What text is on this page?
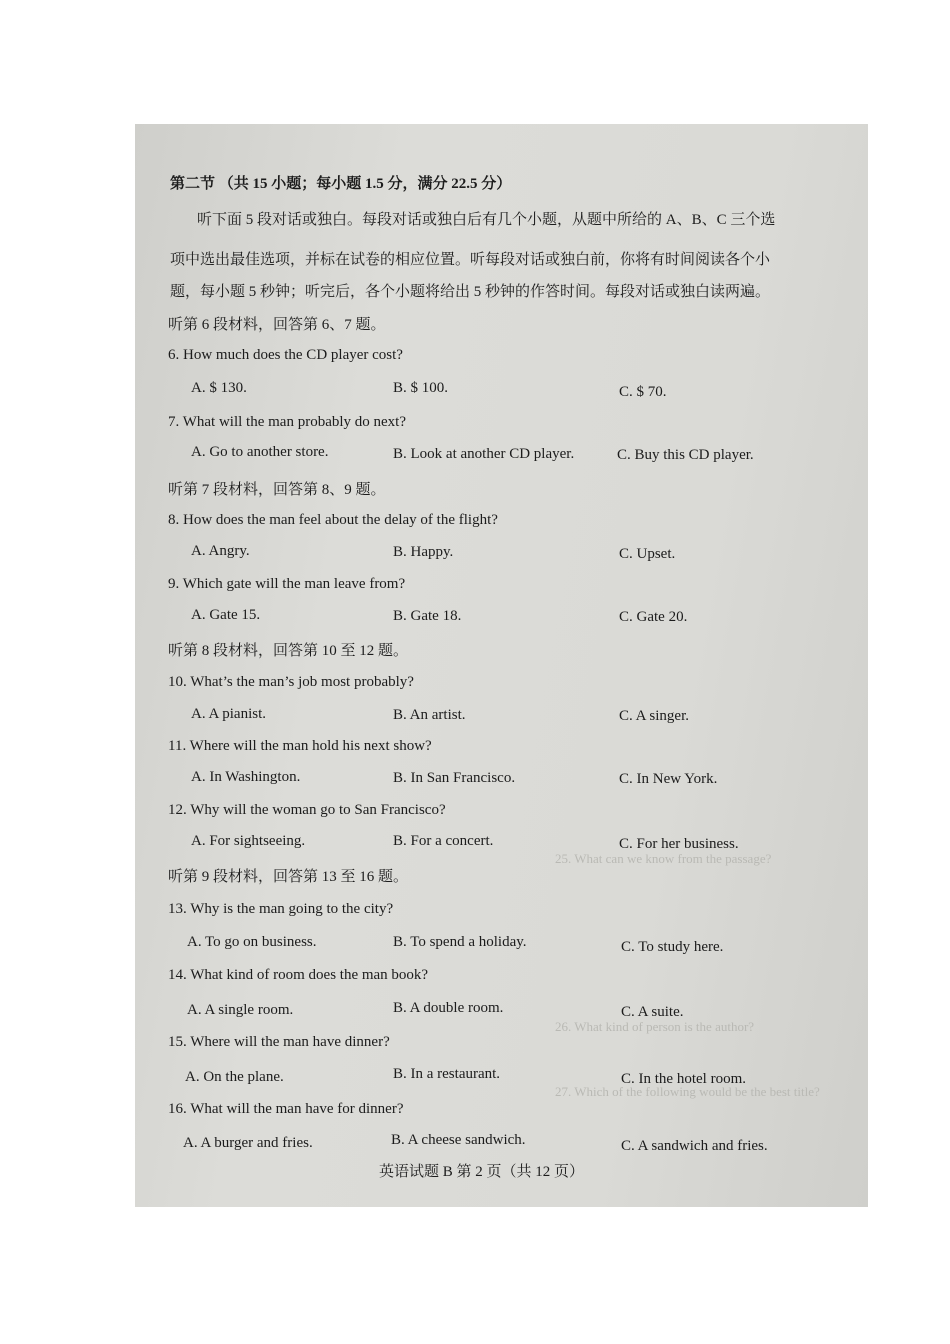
25. What can we know from the passage?
26. What kind of person is the author?
27. Which of the following would be the best title?
第二节 （共 15 小题；每小题 1.5 分，满分 22.5 分）
听下面 5 段对话或独白。每段对话或独白后有几个小题，从题中所给的 A、B、C 三个选
项中选出最佳选项，并标在试卷的相应位置。听每段对话或独白前，你将有时间阅读各个小
题，每小题 5 秒钟；听完后，各个小题将给出 5 秒钟的作答时间。每段对话或独白读两遍。
听第 6 段材料，回答第 6、7 题。
6. How much does the CD player cost?
A. $ 130.	B. $ 100.	C. $ 70.
7. What will the man probably do next?
A. Go to another store.	B. Look at another CD player.	C. Buy this CD player.
听第 7 段材料，回答第 8、9 题。
8. How does the man feel about the delay of the flight?
A. Angry.	B. Happy.	C. Upset.
9. Which gate will the man leave from?
A. Gate 15.	B. Gate 18.	C. Gate 20.
听第 8 段材料，回答第 10 至 12 题。
10. What’s the man’s job most probably?
A. A pianist.	B. An artist.	C. A singer.
11. Where will the man hold his next show?
A. In Washington.	B. In San Francisco.	C. In New York.
12. Why will the woman go to San Francisco?
A. For sightseeing.	B. For a concert.	C. For her business.
听第 9 段材料，回答第 13 至 16 题。
13. Why is the man going to the city?
A. To go on business.	B. To spend a holiday.	C. To study here.
14. What kind of room does the man book?
A. A single room.	B. A double room.	C. A suite.
15. Where will the man have dinner?
A. On the plane.	B. In a restaurant.	C. In the hotel room.
16. What will the man have for dinner?
A. A burger and fries.	B. A cheese sandwich.	C. A sandwich and fries.
英语试题 B 第 2 页（共 12 页）
